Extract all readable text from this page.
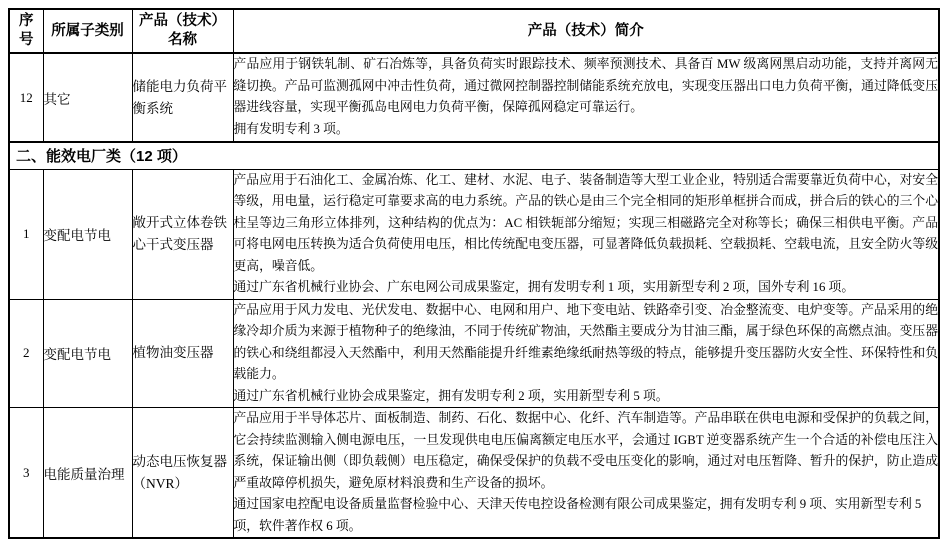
序号	所属子类别	产品（技术）名称	产品（技术）简介
12	其它	储能电力负荷平衡系统	产品应用于钢铁轧制、矿石冶炼等，具备负荷实时跟踪技术、频率预测技术、具备百 MW 级离网黑启动功能，支持并离网无缝切换。产品可监测孤网中冲击性负荷，通过微网控制器控制储能系统充放电，实现变压器出口电力负荷平衡，通过降低变压器进线容量，实现平衡孤岛电网电力负荷平衡，保障孤网稳定可靠运行。
拥有发明专利 3 项。

二、能效电厂类（12 项）			
1	变配电节电	敞开式立体卷铁心干式变压器	产品应用于石油化工、金属冶炼、化工、建材、水泥、电子、装备制造等大型工业企业，特别适合需要靠近负荷中心，对安全等级，用电量，运行稳定可靠要求高的电力系统。产品的铁心是由三个完全相同的矩形单框拼合而成，拼合后的铁心的三个心柱呈等边三角形立体排列，这种结构的优点为：AC 相铁轭部分缩短；实现三相磁路完全对称等长；确保三相供电平衡。产品可将电网电压转换为适合负荷使用电压，相比传统配电变压器，可显著降低负载损耗、空载损耗、空载电流，且安全防火等级更高，噪音低。
通过广东省机械行业协会、广东电网公司成果鉴定，拥有发明专利 1 项，实用新型专利 2 项，国外专利 16 项。

2	变配电节电	植物油变压器	产品应用于风力发电、光伏发电、数据中心、电网和用户、地下变电站、铁路牵引变、冶金整流变、电炉变等。产品采用的绝缘冷却介质为来源于植物种子的绝缘油，不同于传统矿物油，天然酯主要成分为甘油三酯，属于绿色环保的高燃点油。变压器的铁心和绕组都浸入天然酯中，利用天然酯能提升纤维素绝缘纸耐热等级的特点，能够提升变压器防火安全性、环保特性和负载能力。
通过广东省机械行业协会成果鉴定，拥有发明专利 2 项，实用新型专利 5 项。

3	电能质量治理	动态电压恢复器（NVR）	产品应用于半导体芯片、面板制造、制药、石化、数据中心、化纤、汽车制造等。产品串联在供电电源和受保护的负载之间，它会持续监测输入侧电源电压，一旦发现供电电压偏离额定电压水平，会通过 IGBT 逆变器系统产生一个合适的补偿电压注入系统，保证输出侧（即负载侧）电压稳定，确保受保护的负载不受电压变化的影响，通过对电压暂降、暂升的保护，防止造成严重故障停机损失，避免原材料浪费和生产设备的损坏。
通过国家电控配电设备质量监督检验中心、天津天传电控设备检测有限公司成果鉴定，拥有发明专利 9 项、实用新型专利 5 项，软件著作权 6 项。
